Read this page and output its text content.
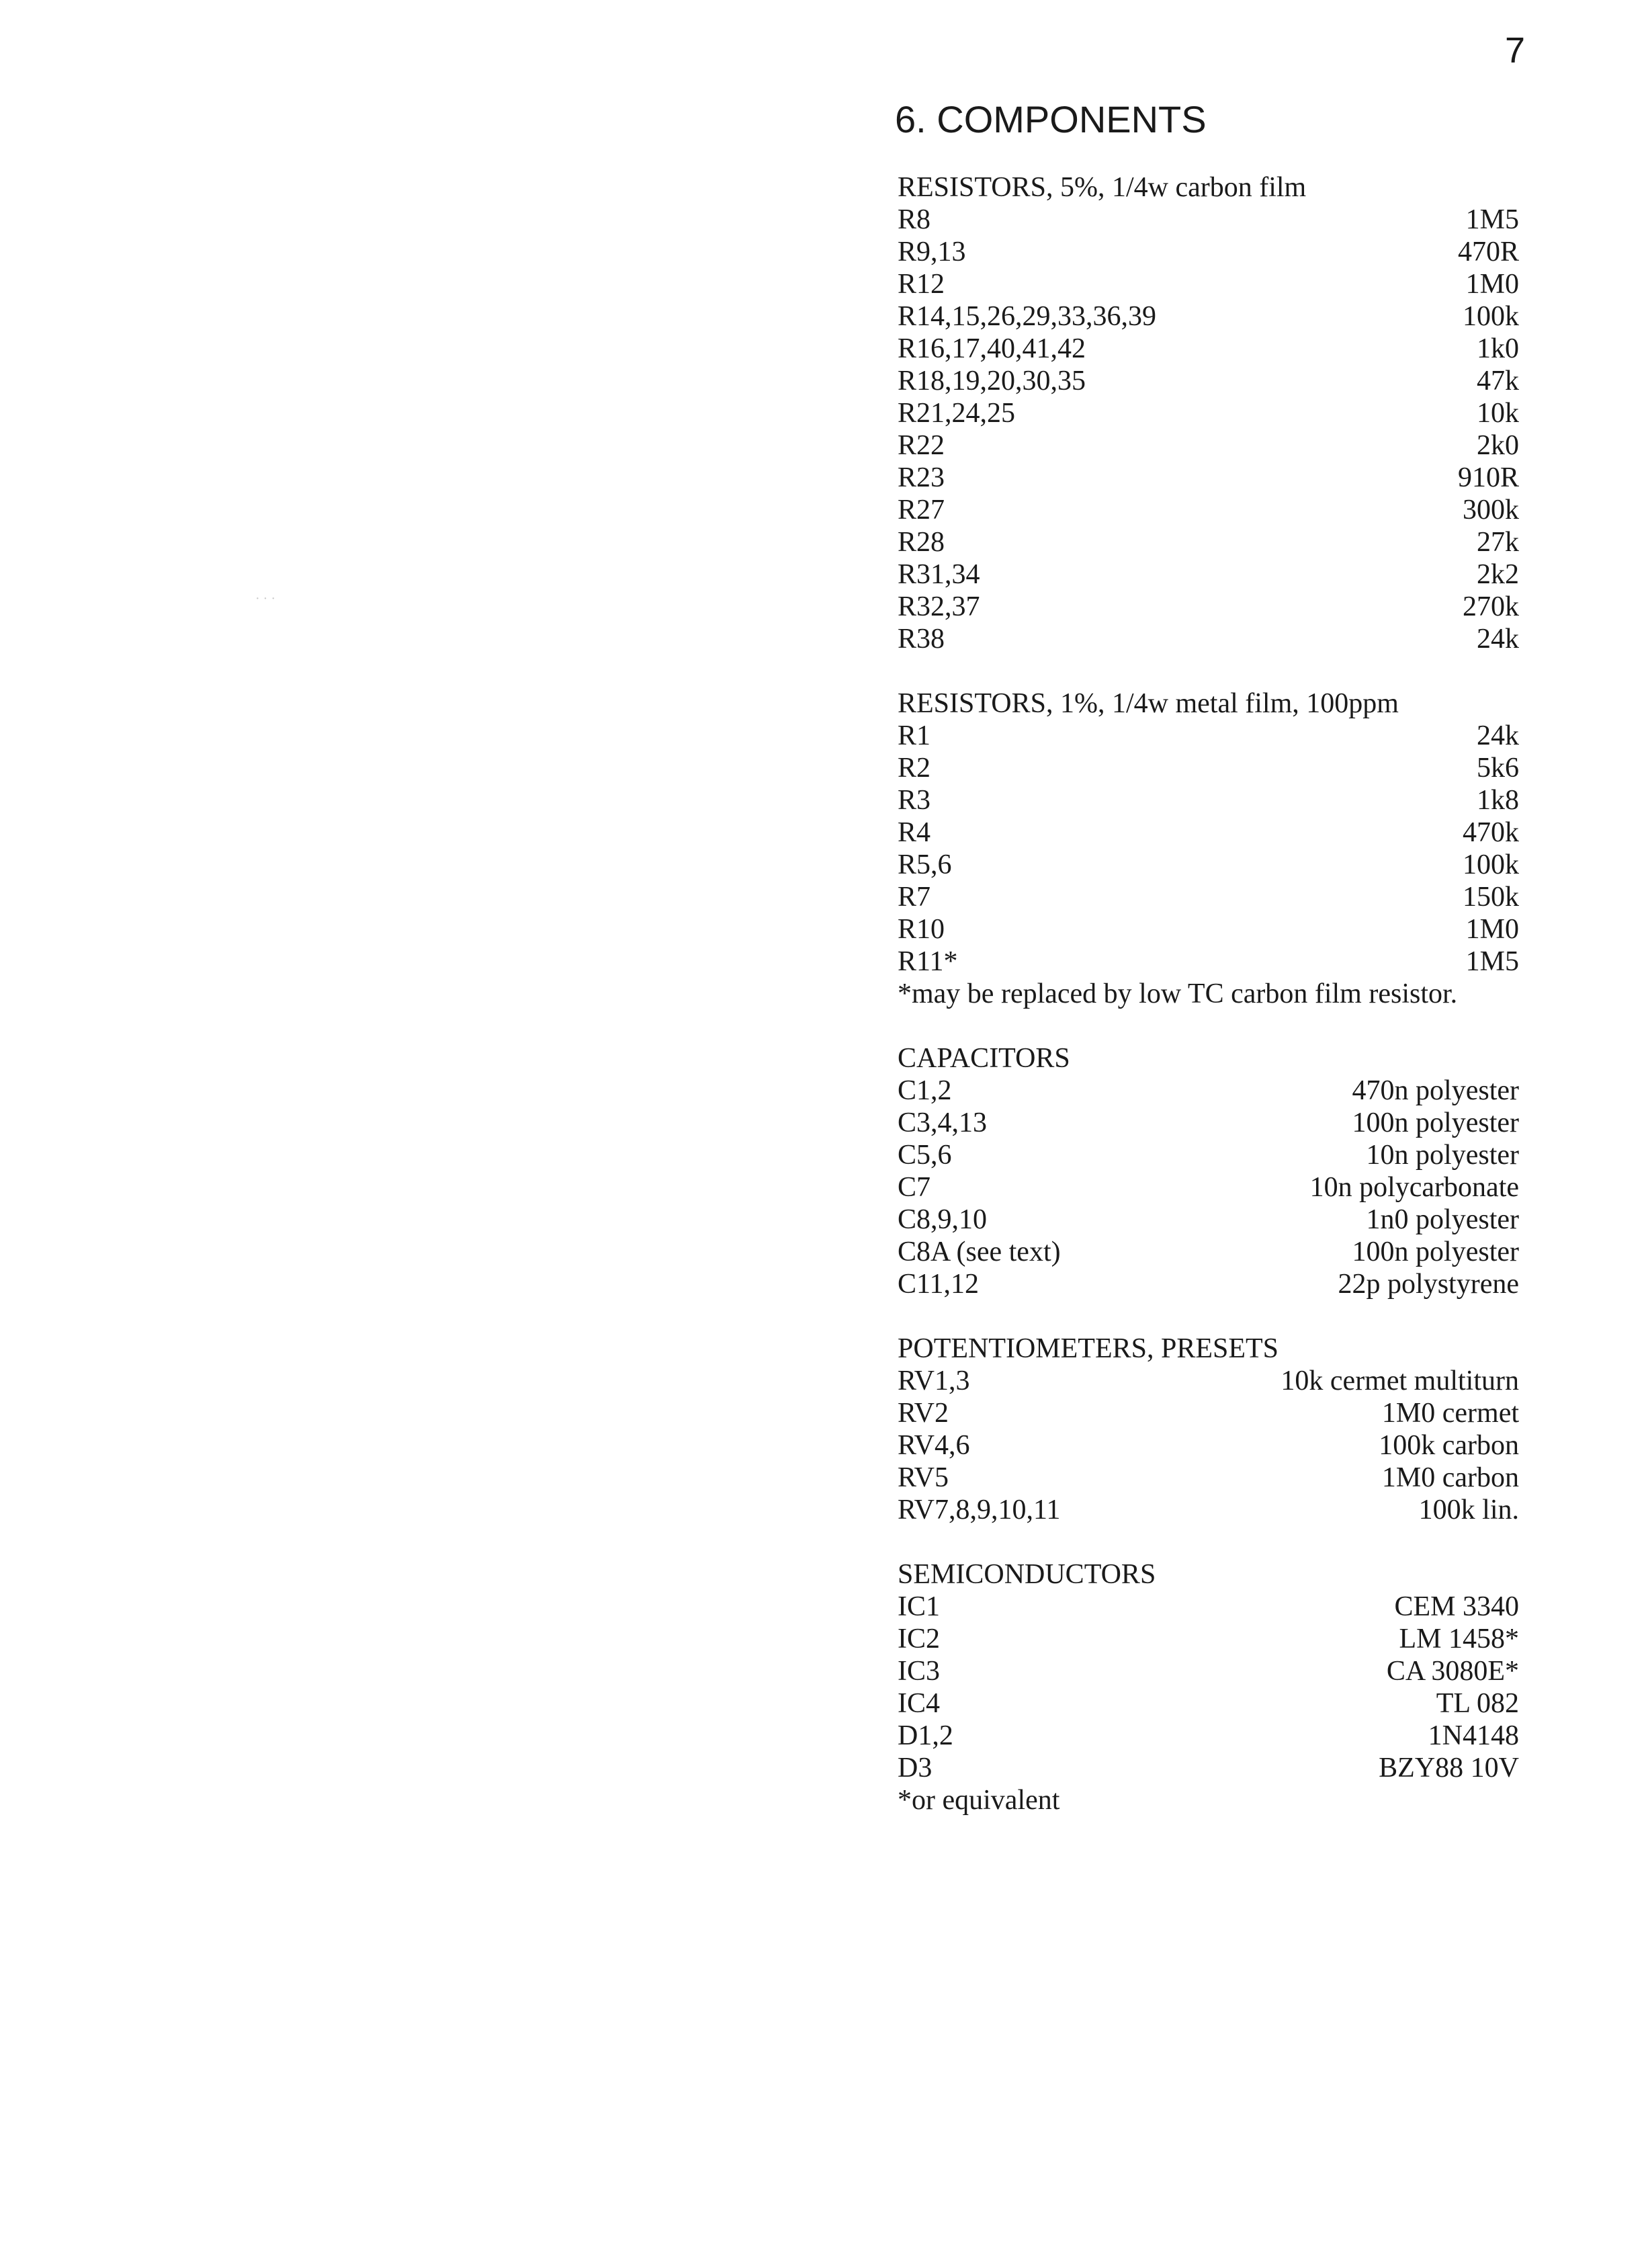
7
6. COMPONENTS
· · ·
RESISTORS, 5%, 1/4w carbon film
R8	1M5
R9,13	470R
R12	1M0
R14,15,26,29,33,36,39	100k
R16,17,40,41,42	1k0
R18,19,20,30,35	47k
R21,24,25	10k
R22	2k0
R23	910R
R27	300k
R28	27k
R31,34	2k2
R32,37	270k
R38	24k
RESISTORS, 1%, 1/4w metal film, 100ppm
R1	24k
R2	5k6
R3	1k8
R4	470k
R5,6	100k
R7	150k
R10	1M0
R11*	1M5
*may be replaced by low TC carbon film resistor.
CAPACITORS
C1,2	470n polyester
C3,4,13	100n polyester
C5,6	10n polyester
C7	10n polycarbonate
C8,9,10	1n0 polyester
C8A (see text)	100n polyester
C11,12	22p polystyrene
POTENTIOMETERS, PRESETS
RV1,3	10k cermet multiturn
RV2	1M0 cermet
RV4,6	100k carbon
RV5	1M0 carbon
RV7,8,9,10,11	100k lin.
SEMICONDUCTORS
IC1	CEM 3340
IC2	LM 1458*
IC3	CA 3080E*
IC4	TL 082
D1,2	1N4148
D3	BZY88 10V
*or equivalent
